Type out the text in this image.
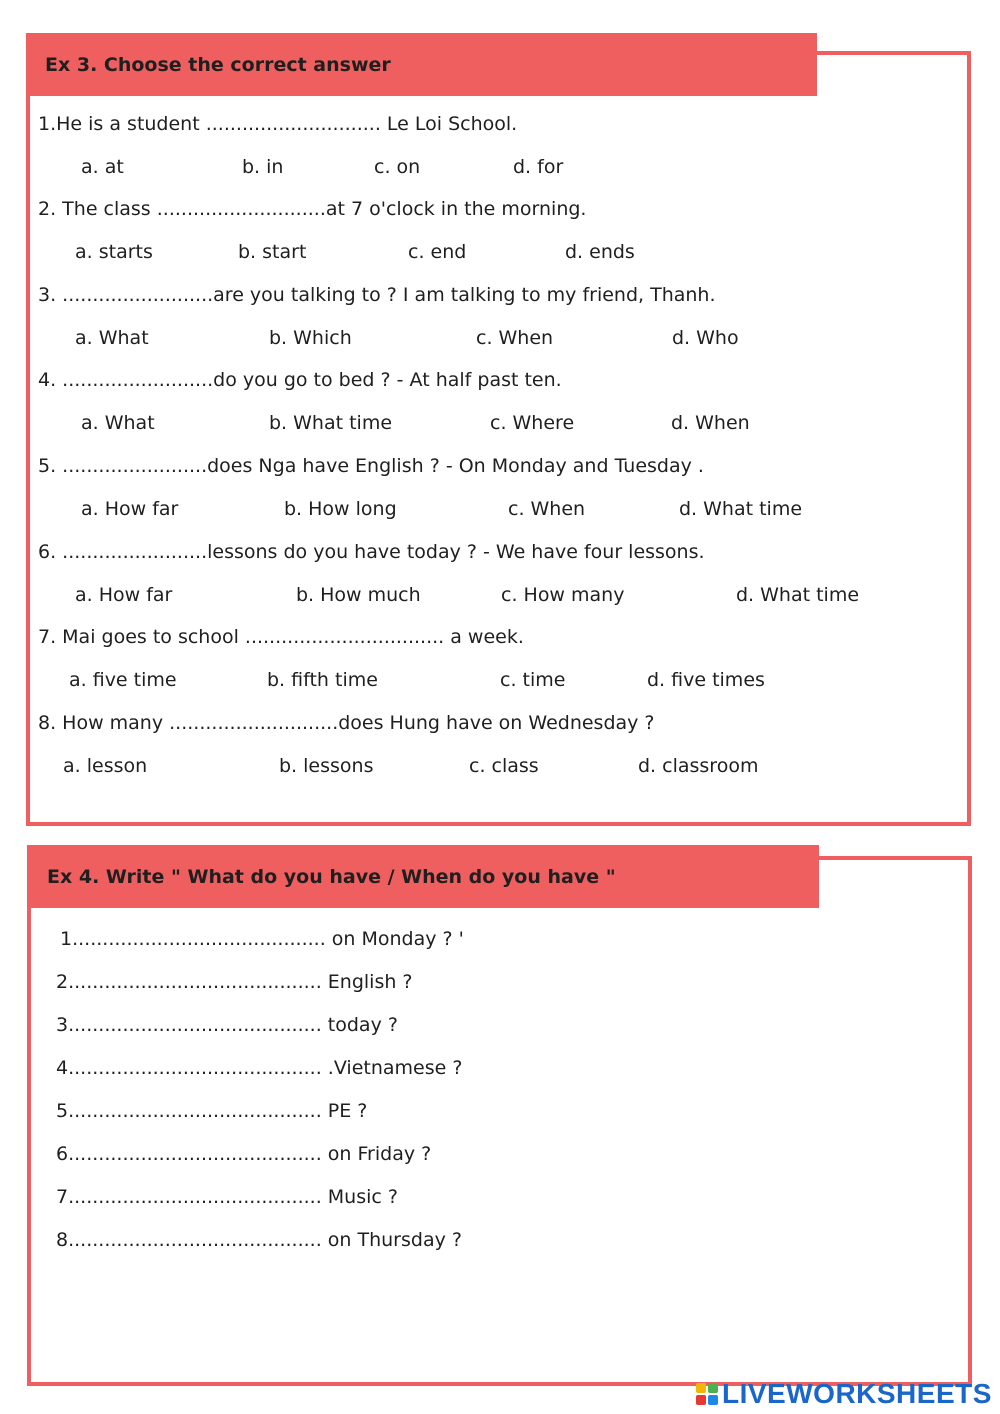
Ex 3. Choose the correct answer
1.He is a student ............................. Le Loi School.
a. at	b. in	c. on	d. for
2. The class ............................at 7 o'clock in the morning.
a. starts	b. start	c. end	d. ends
3. .........................are you talking to ? I am talking to my friend, Thanh.
a. What	b. Which	c. When	d. Who
4. .........................do you go to bed ? - At half past ten.
a. What	b. What time	c. Where	d. When
5. ........................does Nga have English ? - On Monday and Tuesday .
a. How far	b. How long	c. When	d. What time
6. ........................lessons do you have today ? - We have four lessons.
a. How far	b. How much	c. How many	d. What time
7. Mai goes to school ................................. a week.
a. five time	b. fifth time	c. time	d. five times
8. How many ............................does Hung have on Wednesday ?
a. lesson	b. lessons	c. class	d. classroom
Ex 4. Write " What do you have / When do you have "
1.......................................... on Monday ? '
2.......................................... English ?
3.......................................... today ?
4.......................................... .Vietnamese ?
5.......................................... PE ?
6.......................................... on Friday ?
7.......................................... Music ?
8.......................................... on Thursday ?
LIVEWORKSHEETS
